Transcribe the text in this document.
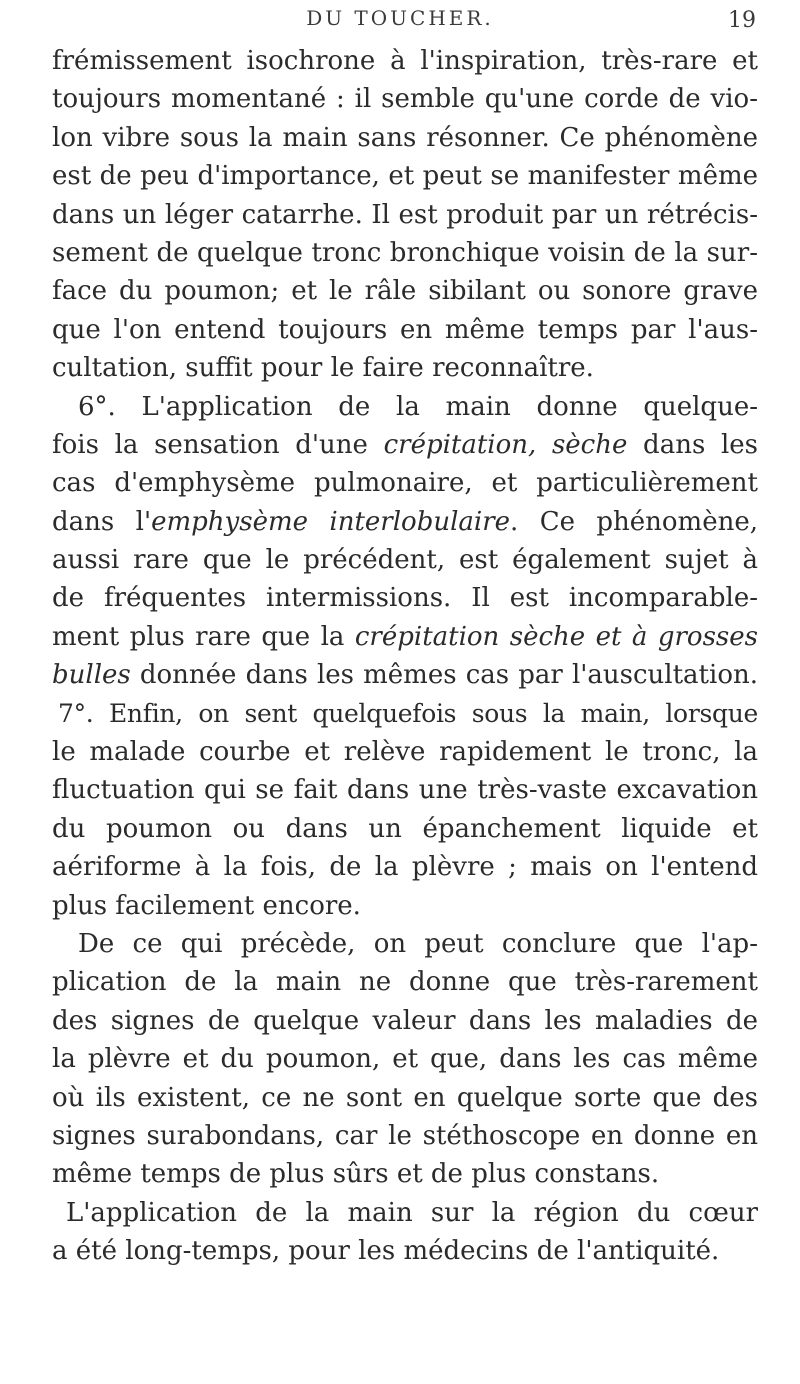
DU TOUCHER.	19
frémissement isochrone à l'inspiration, très-rare et
toujours momentané : il semble qu'une corde de vio-
lon vibre sous la main sans résonner. Ce phénomène
est de peu d'importance, et peut se manifester même
dans un léger catarrhe. Il est produit par un rétrécis-
sement de quelque tronc bronchique voisin de la sur-
face du poumon; et le râle sibilant ou sonore grave
que l'on entend toujours en même temps par l'aus-
cultation, suffit pour le faire reconnaître.
6°. L'application de la main donne quelque-
fois la sensation d'une crépitation, sèche dans les
cas d'emphysème pulmonaire, et particulièrement
dans l'emphysème interlobulaire. Ce phénomène,
aussi rare que le précédent, est également sujet à
de fréquentes intermissions. Il est incomparable-
ment plus rare que la crépitation sèche et à grosses
bulles donnée dans les mêmes cas par l'auscultation.
7°. Enfin, on sent quelquefois sous la main, lorsque
le malade courbe et relève rapidement le tronc, la
fluctuation qui se fait dans une très-vaste excavation
du poumon ou dans un épanchement liquide et
aériforme à la fois, de la plèvre ; mais on l'entend
plus facilement encore.
De ce qui précède, on peut conclure que l'ap-
plication de la main ne donne que très-rarement
des signes de quelque valeur dans les maladies de
la plèvre et du poumon, et que, dans les cas même
où ils existent, ce ne sont en quelque sorte que des
signes surabondans, car le stéthoscope en donne en
même temps de plus sûrs et de plus constans.
L'application de la main sur la région du cœur
a été long-temps, pour les médecins de l'antiquité.
